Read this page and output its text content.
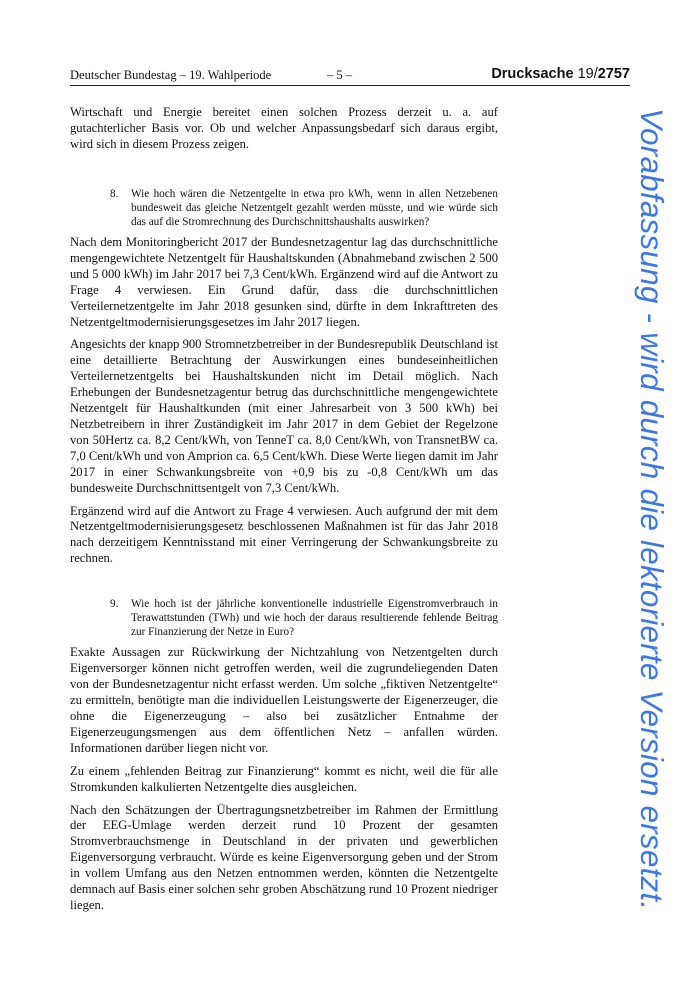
Deutscher Bundestag – 19. Wahlperiode	– 5 –	Drucksache 19/2757

Wirtschaft und Energie bereitet einen solchen Prozess derzeit u. a. auf gutachterlicher Basis vor. Ob und welcher Anpassungsbedarf sich daraus ergibt, wird sich in diesem Prozess zeigen.

8. Wie hoch wären die Netzentgelte in etwa pro kWh, wenn in allen Netzebenen bundesweit das gleiche Netzentgelt gezahlt werden müsste, und wie würde sich das auf die Stromrechnung des Durchschnittshaushalts auswirken?

Nach dem Monitoringbericht 2017 der Bundesnetzagentur lag das durchschnittliche mengengewichtete Netzentgelt für Haushaltskunden (Abnahmeband zwischen 2 500 und 5 000 kWh) im Jahr 2017 bei 7,3 Cent/kWh. Ergänzend wird auf die Antwort zu Frage 4 verwiesen. Ein Grund dafür, dass die durchschnittlichen Verteilernetzentgelte im Jahr 2018 gesunken sind, dürfte in dem Inkrafttreten des Netzentgeltmodernisierungsgesetzes im Jahr 2017 liegen.

Angesichts der knapp 900 Stromnetzbetreiber in der Bundesrepublik Deutschland ist eine detaillierte Betrachtung der Auswirkungen eines bundeseinheitlichen Verteilernetzentgelts bei Haushaltskunden nicht im Detail möglich. Nach Erhebungen der Bundesnetzagentur betrug das durchschnittliche mengengewichtete Netzentgelt für Haushaltkunden (mit einer Jahresarbeit von 3 500 kWh) bei Netzbetreibern in ihrer Zuständigkeit im Jahr 2017 in dem Gebiet der Regelzone von 50Hertz ca. 8,2 Cent/kWh, von TenneT ca. 8,0 Cent/kWh, von TransnetBW ca. 7,0 Cent/kWh und von Amprion ca. 6,5 Cent/kWh. Diese Werte liegen damit im Jahr 2017 in einer Schwankungsbreite von +0,9 bis zu -0,8 Cent/kWh um das bundesweite Durchschnittsentgelt von 7,3 Cent/kWh.

Ergänzend wird auf die Antwort zu Frage 4 verwiesen. Auch aufgrund der mit dem Netzentgeltmodernisierungsgesetz beschlossenen Maßnahmen ist für das Jahr 2018 nach derzeitigem Kenntnisstand mit einer Verringerung der Schwankungsbreite zu rechnen.

9. Wie hoch ist der jährliche konventionelle industrielle Eigenstromverbrauch in Terawattstunden (TWh) und wie hoch der daraus resultierende fehlende Beitrag zur Finanzierung der Netze in Euro?

Exakte Aussagen zur Rückwirkung der Nichtzahlung von Netzentgelten durch Eigenversorger können nicht getroffen werden, weil die zugrundeliegenden Daten von der Bundesnetzagentur nicht erfasst werden. Um solche „fiktiven Netzentgelte“ zu ermitteln, benötigte man die individuellen Leistungswerte der Eigenerzeuger, die ohne die Eigenerzeugung – also bei zusätzlicher Entnahme der Eigenerzeugungsmengen aus dem öffentlichen Netz – anfallen würden. Informationen darüber liegen nicht vor.

Zu einem „fehlenden Beitrag zur Finanzierung“ kommt es nicht, weil die für alle Stromkunden kalkulierten Netzentgelte dies ausgleichen.

Nach den Schätzungen der Übertragungsnetzbetreiber im Rahmen der Ermittlung der EEG-Umlage werden derzeit rund 10 Prozent der gesamten Stromverbrauchsmenge in Deutschland in der privaten und gewerblichen Eigenversorgung verbraucht. Würde es keine Eigenversorgung geben und der Strom in vollem Umfang aus den Netzen entnommen werden, könnten die Netzentgelte demnach auf Basis einer solchen sehr groben Abschätzung rund 10 Prozent niedriger liegen.	Vorabfassung - wird durch die lektorierte Version ersetzt.
